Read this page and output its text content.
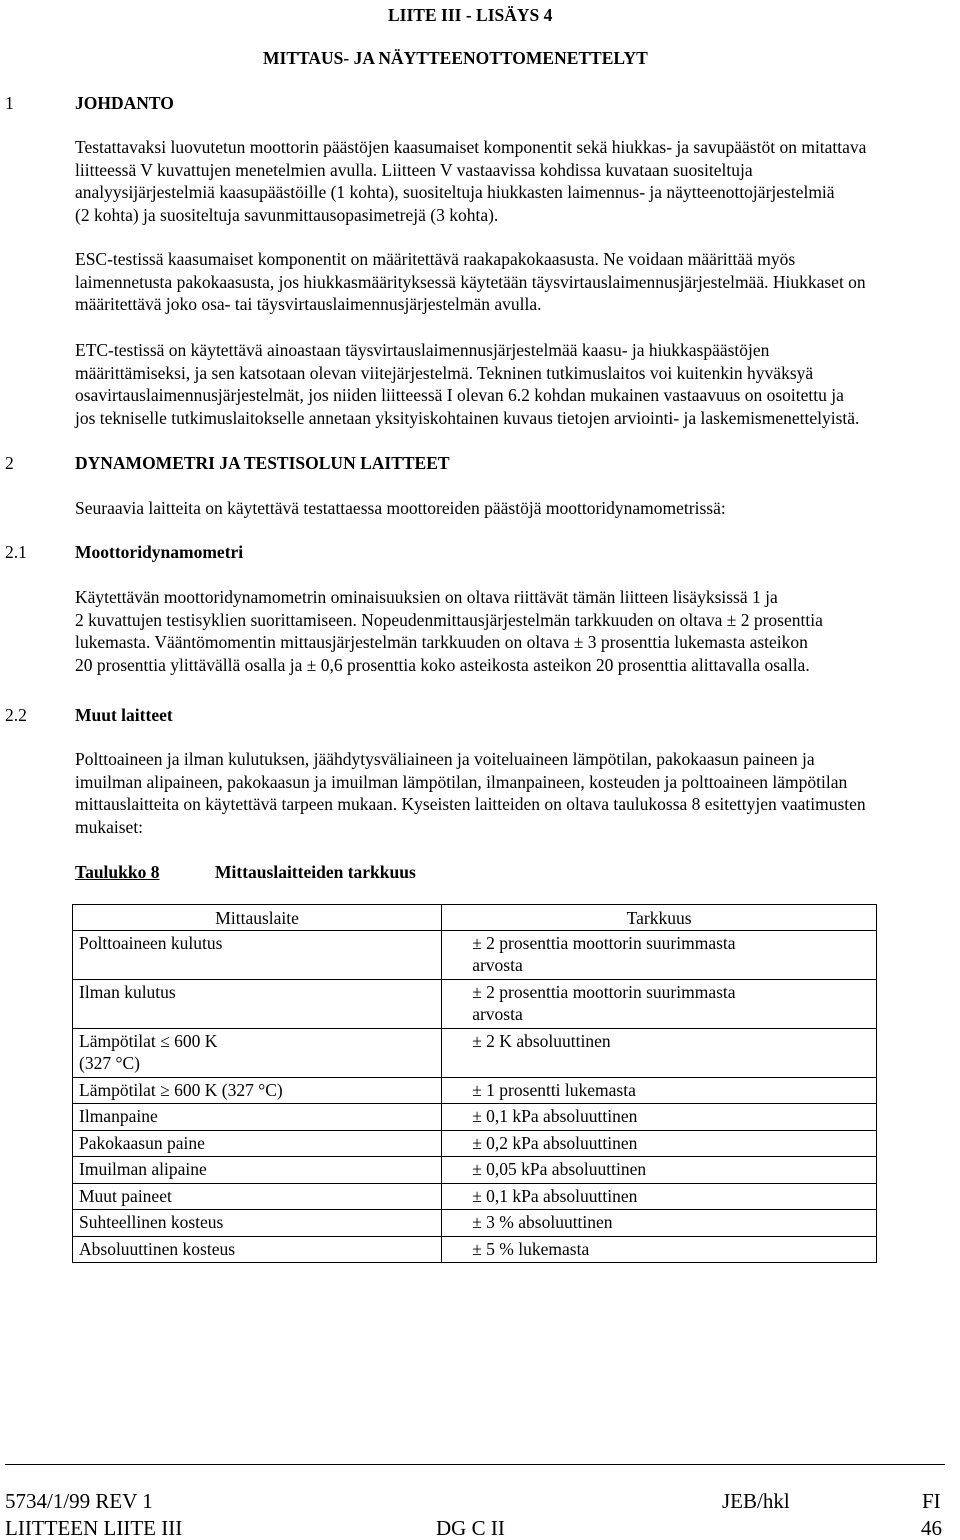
LIITE III - LISÄYS 4

MITTAUS- JA NÄYTTEENOTTOMENETTELYT

1	JOHDANTO

Testattavaksi luovutetun moottorin päästöjen kaasumaiset komponentit sekä hiukkas- ja savupäästöt on mitattava
liitteessä V kuvattujen menetelmien avulla. Liitteen V vastaavissa kohdissa kuvataan suositeltuja
analyysijärjestelmiä kaasupäästöille (1 kohta), suositeltuja hiukkasten laimennus- ja näytteenottojärjestelmiä
(2 kohta) ja suositeltuja savunmittausopasimetrejä (3 kohta).
ESC-testissä kaasumaiset komponentit on määritettävä raakapakokaasusta. Ne voidaan määrittää myös
laimennetusta pakokaasusta, jos hiukkasmäärityksessä käytetään täysvirtauslaimennusjärjestelmää. Hiukkaset on
määritettävä joko osa- tai täysvirtauslaimennusjärjestelmän avulla.
ETC-testissä on käytettävä ainoastaan täysvirtauslaimennusjärjestelmää kaasu- ja hiukkaspäästöjen
määrittämiseksi, ja sen katsotaan olevan viitejärjestelmä. Tekninen tutkimuslaitos voi kuitenkin hyväksyä
osavirtauslaimennusjärjestelmät, jos niiden liitteessä I olevan 6.2 kohdan mukainen vastaavuus on osoitettu ja
jos tekniselle tutkimuslaitokselle annetaan yksityiskohtainen kuvaus tietojen arviointi- ja laskemismenettelyistä.

2	DYNAMOMETRI JA TESTISOLUN LAITTEET

Seuraavia laitteita on käytettävä testattaessa moottoreiden päästöjä moottoridynamometrissä:

2.1	Moottoridynamometri

Käytettävän moottoridynamometrin ominaisuuksien on oltava riittävät tämän liitteen lisäyksissä 1 ja
2 kuvattujen testisyklien suorittamiseen. Nopeudenmittausjärjestelmän tarkkuuden on oltava ± 2 prosenttia
lukemasta. Vääntömomentin mittausjärjestelmän tarkkuuden on oltava ± 3 prosenttia lukemasta asteikon
20 prosenttia ylittävällä osalla ja ± 0,6 prosenttia koko asteikosta asteikon 20 prosenttia alittavalla osalla.

2.2	Muut laitteet

Polttoaineen ja ilman kulutuksen, jäähdytysväliaineen ja voiteluaineen lämpötilan, pakokaasun paineen ja
imuilman alipaineen, pakokaasun ja imuilman lämpötilan, ilmanpaineen, kosteuden ja polttoaineen lämpötilan
mittauslaitteita on käytettävä tarpeen mukaan. Kyseisten laitteiden on oltava taulukossa 8 esitettyjen vaatimusten
mukaiset:

Taulukko 8	Mittauslaitteiden tarkkuus

Mittauslaite	Tarkkuus

Polttoaineen kulutus	± 2 prosenttia moottorin suurimmasta
arvosta

Ilman kulutus	± 2 prosenttia moottorin suurimmasta
arvosta

Lämpötilat ≤ 600 K
(327 °C)	± 2 K absoluuttinen

Lämpötilat ≥ 600 K (327 °C)	± 1 prosentti lukemasta

Ilmanpaine	± 0,1 kPa absoluuttinen

Pakokaasun paine	± 0,2 kPa absoluuttinen

Imuilman alipaine	± 0,05 kPa absoluuttinen

Muut paineet	± 0,1 kPa absoluuttinen

Suhteellinen kosteus	± 3 % absoluuttinen

Absoluuttinen kosteus	± 5 % lukemasta

5734/1/99 REV 1	JEB/hkl	FI

LIITTEEN LIITE III	DG C II	46
